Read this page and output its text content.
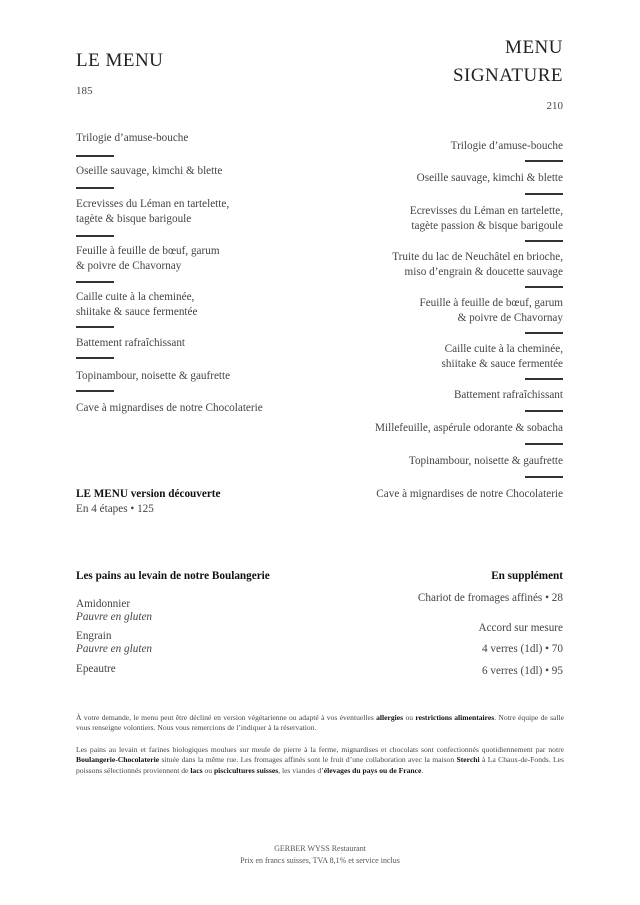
LE MENU
185
Trilogie d’amuse-bouche
Oseille sauvage, kimchi & blette
Ecrevisses du Léman en tartelette,
tagète & bisque barigoule
Feuille à feuille de bœuf, garum
& poivre de Chavornay
Caille cuite à la cheminée,
shiitake & sauce fermentée
Battement rafraîchissant
Topinambour, noisette & gaufrette
Cave à mignardises de notre Chocolaterie
MENU
SIGNATURE
210
Trilogie d’amuse-bouche
Oseille sauvage, kimchi & blette
Ecrevisses du Léman en tartelette,
tagète passion & bisque barigoule
Truite du lac de Neuchâtel en brioche,
miso d’engrain & doucette sauvage
Feuille à feuille de bœuf, garum
& poivre de Chavornay
Caille cuite à la cheminée,
shiitake & sauce fermentée
Battement rafraîchissant
Millefeuille, aspérule odorante & sobacha
Topinambour, noisette & gaufrette
Cave à mignardises de notre Chocolaterie
LE MENU version découverte
En 4 étapes • 125
Les pains au levain de notre Boulangerie
Amidonnier
Pauvre en gluten
Engrain
Pauvre en gluten
Epeautre
En supplément
Chariot de fromages affinés • 28
Accord sur mesure
4 verres (1dl) • 70
6 verres (1dl) • 95
À votre demande, le menu peut être décliné en version végétarienne ou adapté à vos éventuelles allergies ou restrictions alimentaires. Notre équipe de salle vous renseigne volontiers. Nous vous remercions de l’indiquer à la réservation.
Les pains au levain et farines biologiques moulues sur meule de pierre à la ferme, mignardises et chocolats sont confectionnés quotidiennement par notre Boulangerie-Chocolaterie située dans la même rue. Les fromages affinés sont le fruit d’une collaboration avec la maison Sterchi à La Chaux-de-Fonds. Les poissons sélectionnés proviennent de lacs ou piscicultures suisses, les viandes d’élevages du pays ou de France.
GERBER WYSS Restaurant
Prix en francs suisses, TVA 8,1% et service inclus
